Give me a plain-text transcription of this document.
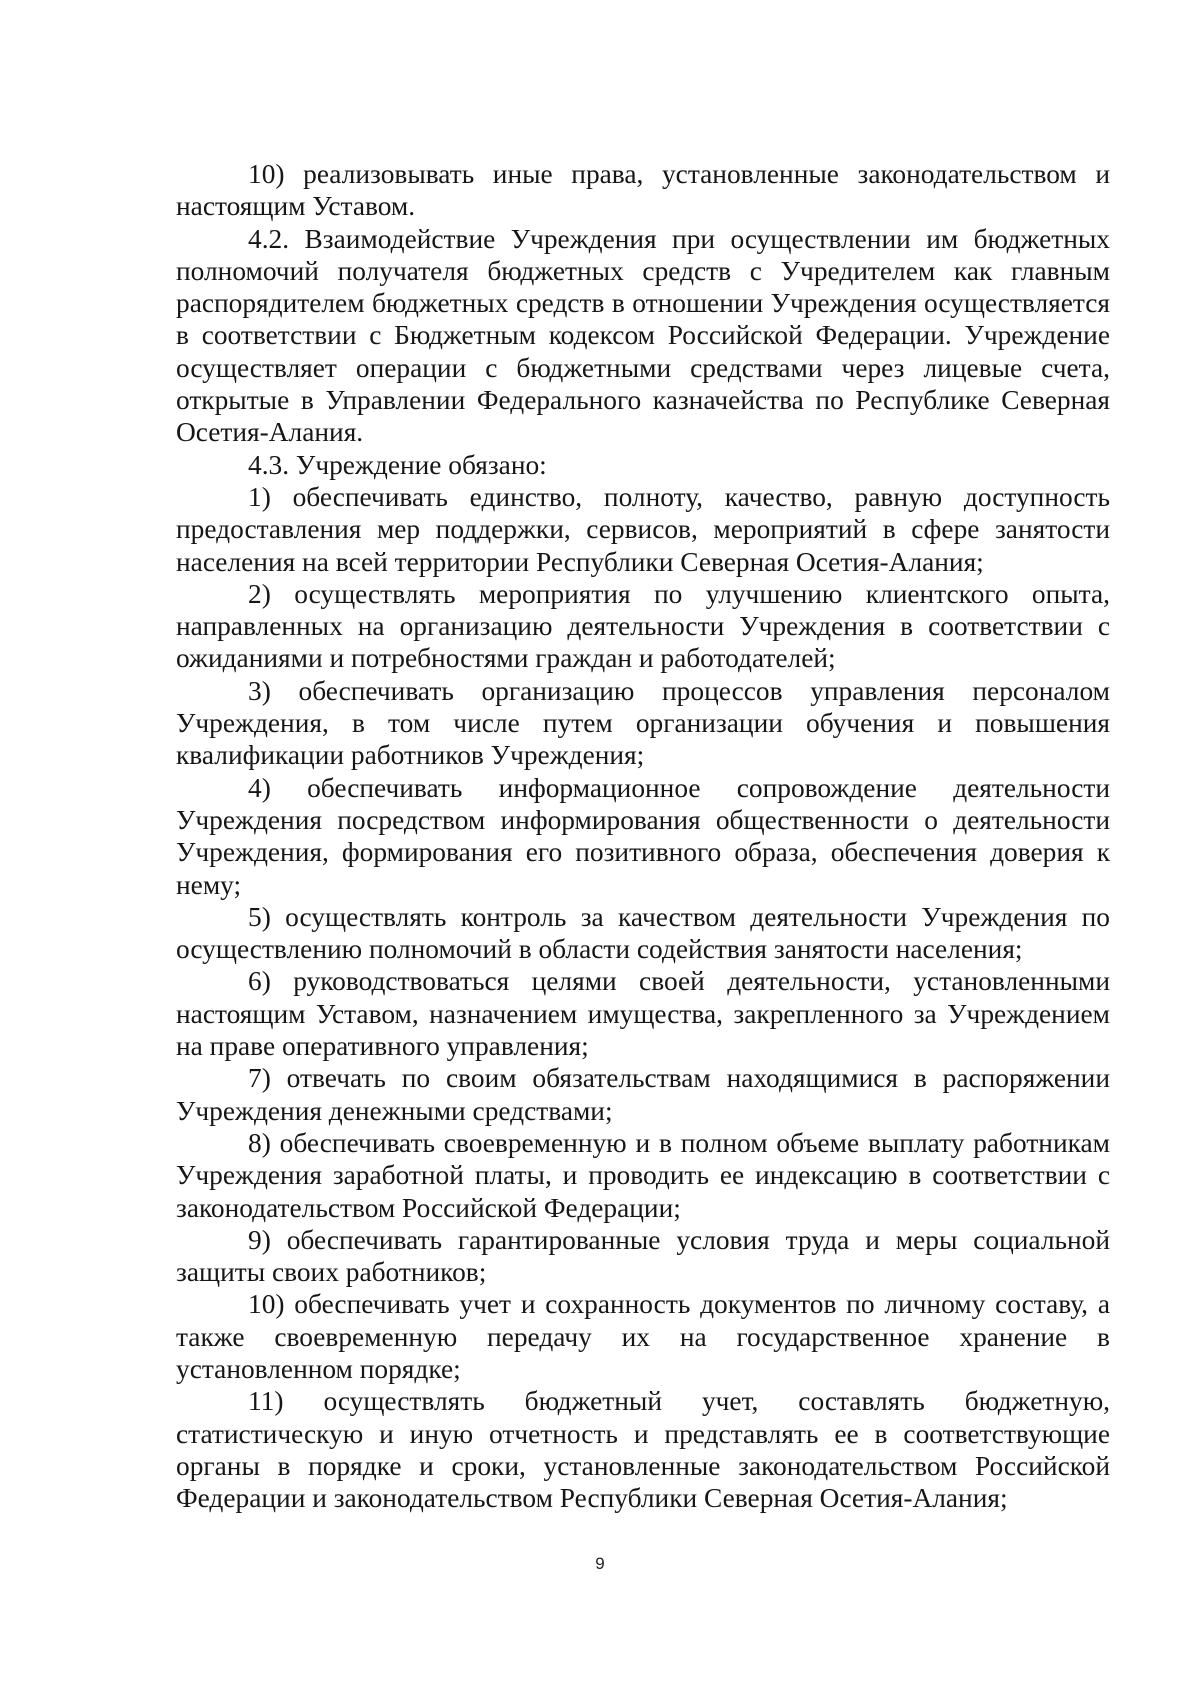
10) реализовывать иные права, установленные законодательством и настоящим Уставом.

4.2. Взаимодействие Учреждения при осуществлении им бюджетных полномочий получателя бюджетных средств с Учредителем как главным распорядителем бюджетных средств в отношении Учреждения осуществляется в соответствии с Бюджетным кодексом Российской Федерации. Учреждение осуществляет операции с бюджетными средствами через лицевые счета, открытые в Управлении Федерального казначейства по Республике Северная Осетия-Алания.

4.3. Учреждение обязано:

1) обеспечивать единство, полноту, качество, равную доступность предоставления мер поддержки, сервисов, мероприятий в сфере занятости населения на всей территории Республики Северная Осетия-Алания;

2) осуществлять мероприятия по улучшению клиентского опыта, направленных на организацию деятельности Учреждения в соответствии с ожиданиями и потребностями граждан и работодателей;

3) обеспечивать организацию процессов управления персоналом Учреждения, в том числе путем организации обучения и повышения квалификации работников Учреждения;

4) обеспечивать информационное сопровождение деятельности Учреждения посредством информирования общественности о деятельности Учреждения, формирования его позитивного образа, обеспечения доверия к нему;

5) осуществлять контроль за качеством деятельности Учреждения по осуществлению полномочий в области содействия занятости населения;

6) руководствоваться целями своей деятельности, установленными настоящим Уставом, назначением имущества, закрепленного за Учреждением на праве оперативного управления;

7) отвечать по своим обязательствам находящимися в распоряжении Учреждения денежными средствами;

8) обеспечивать своевременную и в полном объеме выплату работникам Учреждения заработной платы, и проводить ее индексацию в соответствии с законодательством Российской Федерации;

9) обеспечивать гарантированные условия труда и меры социальной защиты своих работников;

10) обеспечивать учет и сохранность документов по личному составу, а также своевременную передачу их на государственное хранение в установленном порядке;

11) осуществлять бюджетный учет, составлять бюджетную, статистическую и иную отчетность и представлять ее в соответствующие органы в порядке и сроки, установленные законодательством Российской Федерации и законодательством Республики Северная Осетия-Алания;

9
